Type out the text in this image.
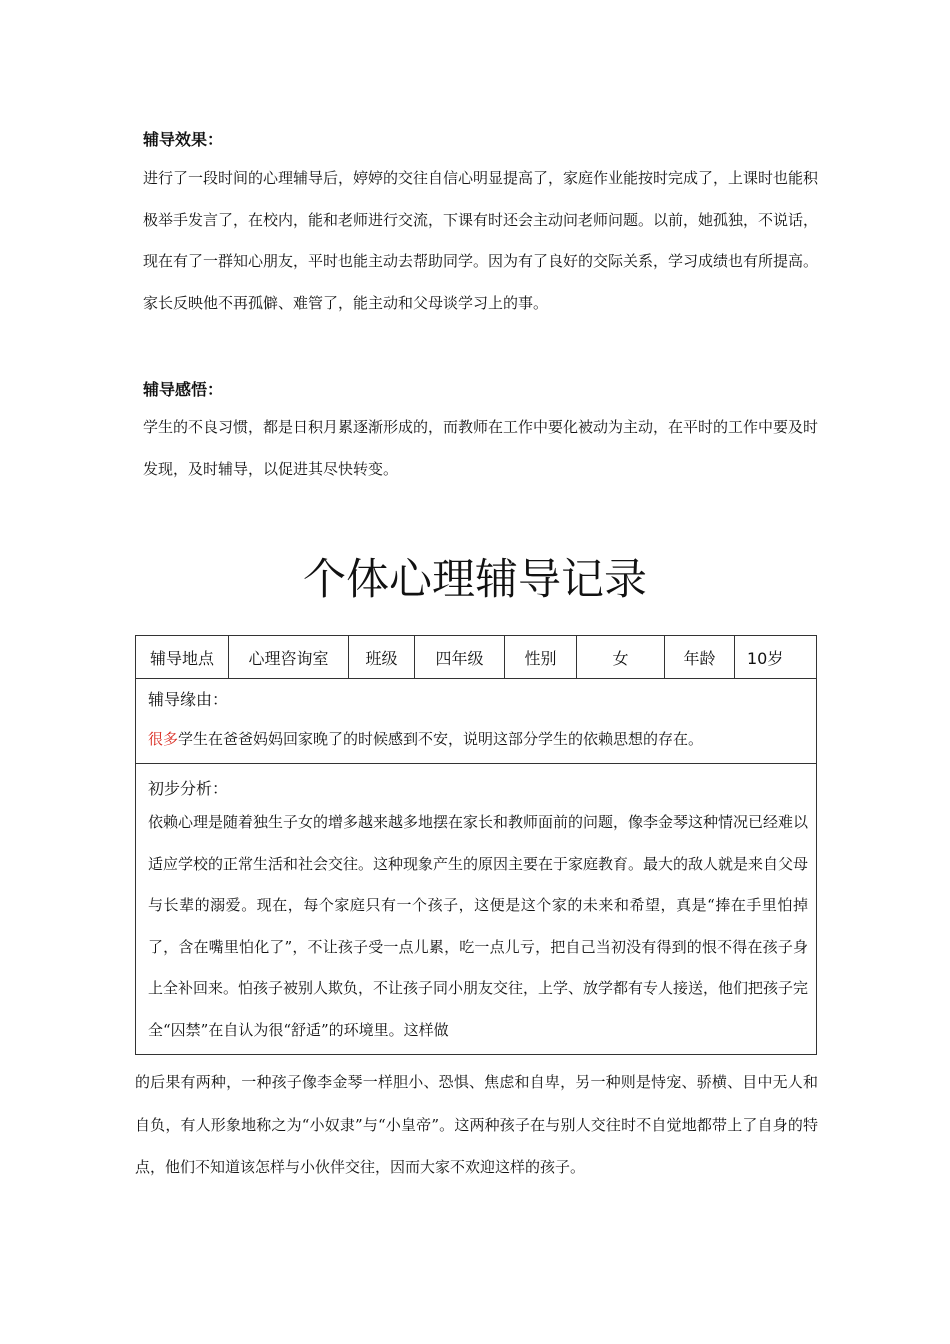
辅导效果：

进行了一段时间的心理辅导后，婷婷的交往自信心明显提高了，家庭作业能按时完成了，上课时也能积极举手发言了，在校内，能和老师进行交流，下课有时还会主动问老师问题。以前，她孤独，不说话，现在有了一群知心朋友，平时也能主动去帮助同学。因为有了良好的交际关系，学习成绩也有所提高。家长反映他不再孤僻、难管了，能主动和父母谈学习上的事。

辅导感悟：

学生的不良习惯，都是日积月累逐渐形成的，而教师在工作中要化被动为主动，在平时的工作中要及时发现，及时辅导，以促进其尽快转变。

个体心理辅导记录
辅导地点	心理咨询室	班级	四年级	性别	女	年龄	10岁

辅导缘由：

很多学生在爸爸妈妈回家晚了的时候感到不安，说明这部分学生的依赖思想的存在。

初步分析：

依赖心理是随着独生子女的增多越来越多地摆在家长和教师面前的问题，像李金琴这种情况已经难以适应学校的正常生活和社会交往。这种现象产生的原因主要在于家庭教育。最大的敌人就是来自父母与长辈的溺爱。现在，每个家庭只有一个孩子，这便是这个家的未来和希望，真是“捧在手里怕掉了，含在嘴里怕化了”，不让孩子受一点儿累，吃一点儿亏，把自己当初没有得到的恨不得在孩子身上全补回来。怕孩子被别人欺负，不让孩子同小朋友交往，上学、放学都有专人接送，他们把孩子完全“囚禁”在自认为很“舒适”的环境里。这样做

的后果有两种，一种孩子像李金琴一样胆小、恐惧、焦虑和自卑，另一种则是恃宠、骄横、目中无人和自负，有人形象地称之为“小奴隶”与“小皇帝”。这两种孩子在与别人交往时不自觉地都带上了自身的特点，他们不知道该怎样与小伙伴交往，因而大家不欢迎这样的孩子。
